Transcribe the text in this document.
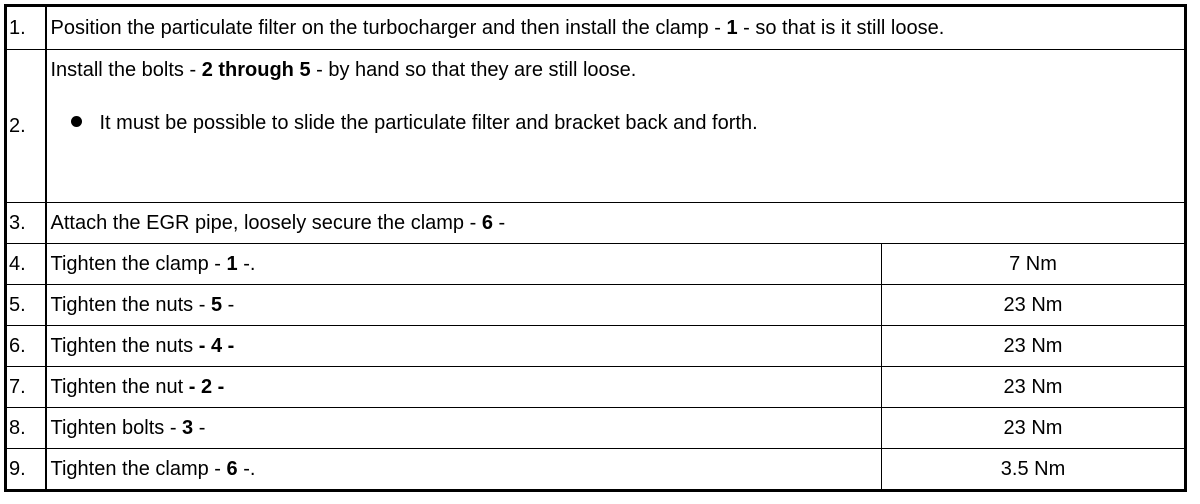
1.	Position the particulate filter on the turbocharger and then install the clamp - 1 - so that is it still loose.	
2.	Install the bolts - 2 through 5 - by hand so that they are still loose.
It must be possible to slide the particulate filter and bracket back and forth.	

3.	Attach the EGR pipe, loosely secure the clamp - 6 -	
4.	Tighten the clamp - 1 -.	7 Nm
5.	Tighten the nuts - 5 -	23 Nm
6.	Tighten the nuts - 4 -	23 Nm
7.	Tighten the nut - 2 -	23 Nm
8.	Tighten bolts - 3 -	23 Nm
9.	Tighten the clamp - 6 -.	3.5 Nm
